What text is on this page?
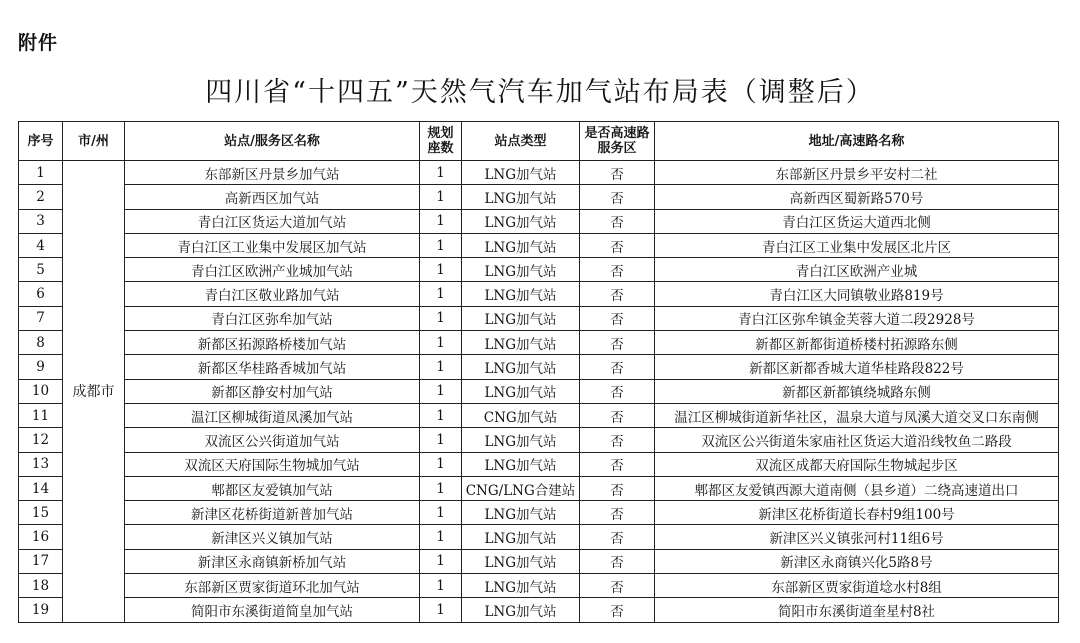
附件
四川省“十四五”天然气汽车加气站布局表（调整后）
序号	市/州	站点/服务区名称	规划座数	站点类型	是否高速路服务区	地址/高速路名称
1	成都市	东部新区丹景乡加气站	1	LNG加气站	否	东部新区丹景乡平安村二社
2		高新西区加气站	1	LNG加气站	否	高新西区蜀新路570号
3		青白江区货运大道加气站	1	LNG加气站	否	青白江区货运大道西北侧
4		青白江区工业集中发展区加气站	1	LNG加气站	否	青白江区工业集中发展区北片区
5		青白江区欧洲产业城加气站	1	LNG加气站	否	青白江区欧洲产业城
6		青白江区敬业路加气站	1	LNG加气站	否	青白江区大同镇敬业路819号
7		青白江区弥牟加气站	1	LNG加气站	否	青白江区弥牟镇金芙蓉大道二段2928号
8		新都区拓源路桥楼加气站	1	LNG加气站	否	新都区新都街道桥楼村拓源路东侧
9		新都区华桂路香城加气站	1	LNG加气站	否	新都区新都香城大道华桂路段822号
10		新都区静安村加气站	1	LNG加气站	否	新都区新都镇绕城路东侧
11		温江区柳城街道凤溪加气站	1	CNG加气站	否	温江区柳城街道新华社区，温泉大道与凤溪大道交叉口东南侧
12		双流区公兴街道加气站	1	LNG加气站	否	双流区公兴街道朱家庙社区货运大道沿线牧鱼二路段
13		双流区天府国际生物城加气站	1	LNG加气站	否	双流区成都天府国际生物城起步区
14		郫都区友爱镇加气站	1	CNG/LNG合建站	否	郫都区友爱镇西源大道南侧（县乡道）二绕高速道出口
15		新津区花桥街道新普加气站	1	LNG加气站	否	新津区花桥街道长春村9组100号
16		新津区兴义镇加气站	1	LNG加气站	否	新津区兴义镇张河村11组6号
17		新津区永商镇新桥加气站	1	LNG加气站	否	新津区永商镇兴化5路8号
18		东部新区贾家街道环北加气站	1	LNG加气站	否	东部新区贾家街道埝水村8组
19		简阳市东溪街道简皇加气站	1	LNG加气站	否	简阳市东溪街道奎星村8社
